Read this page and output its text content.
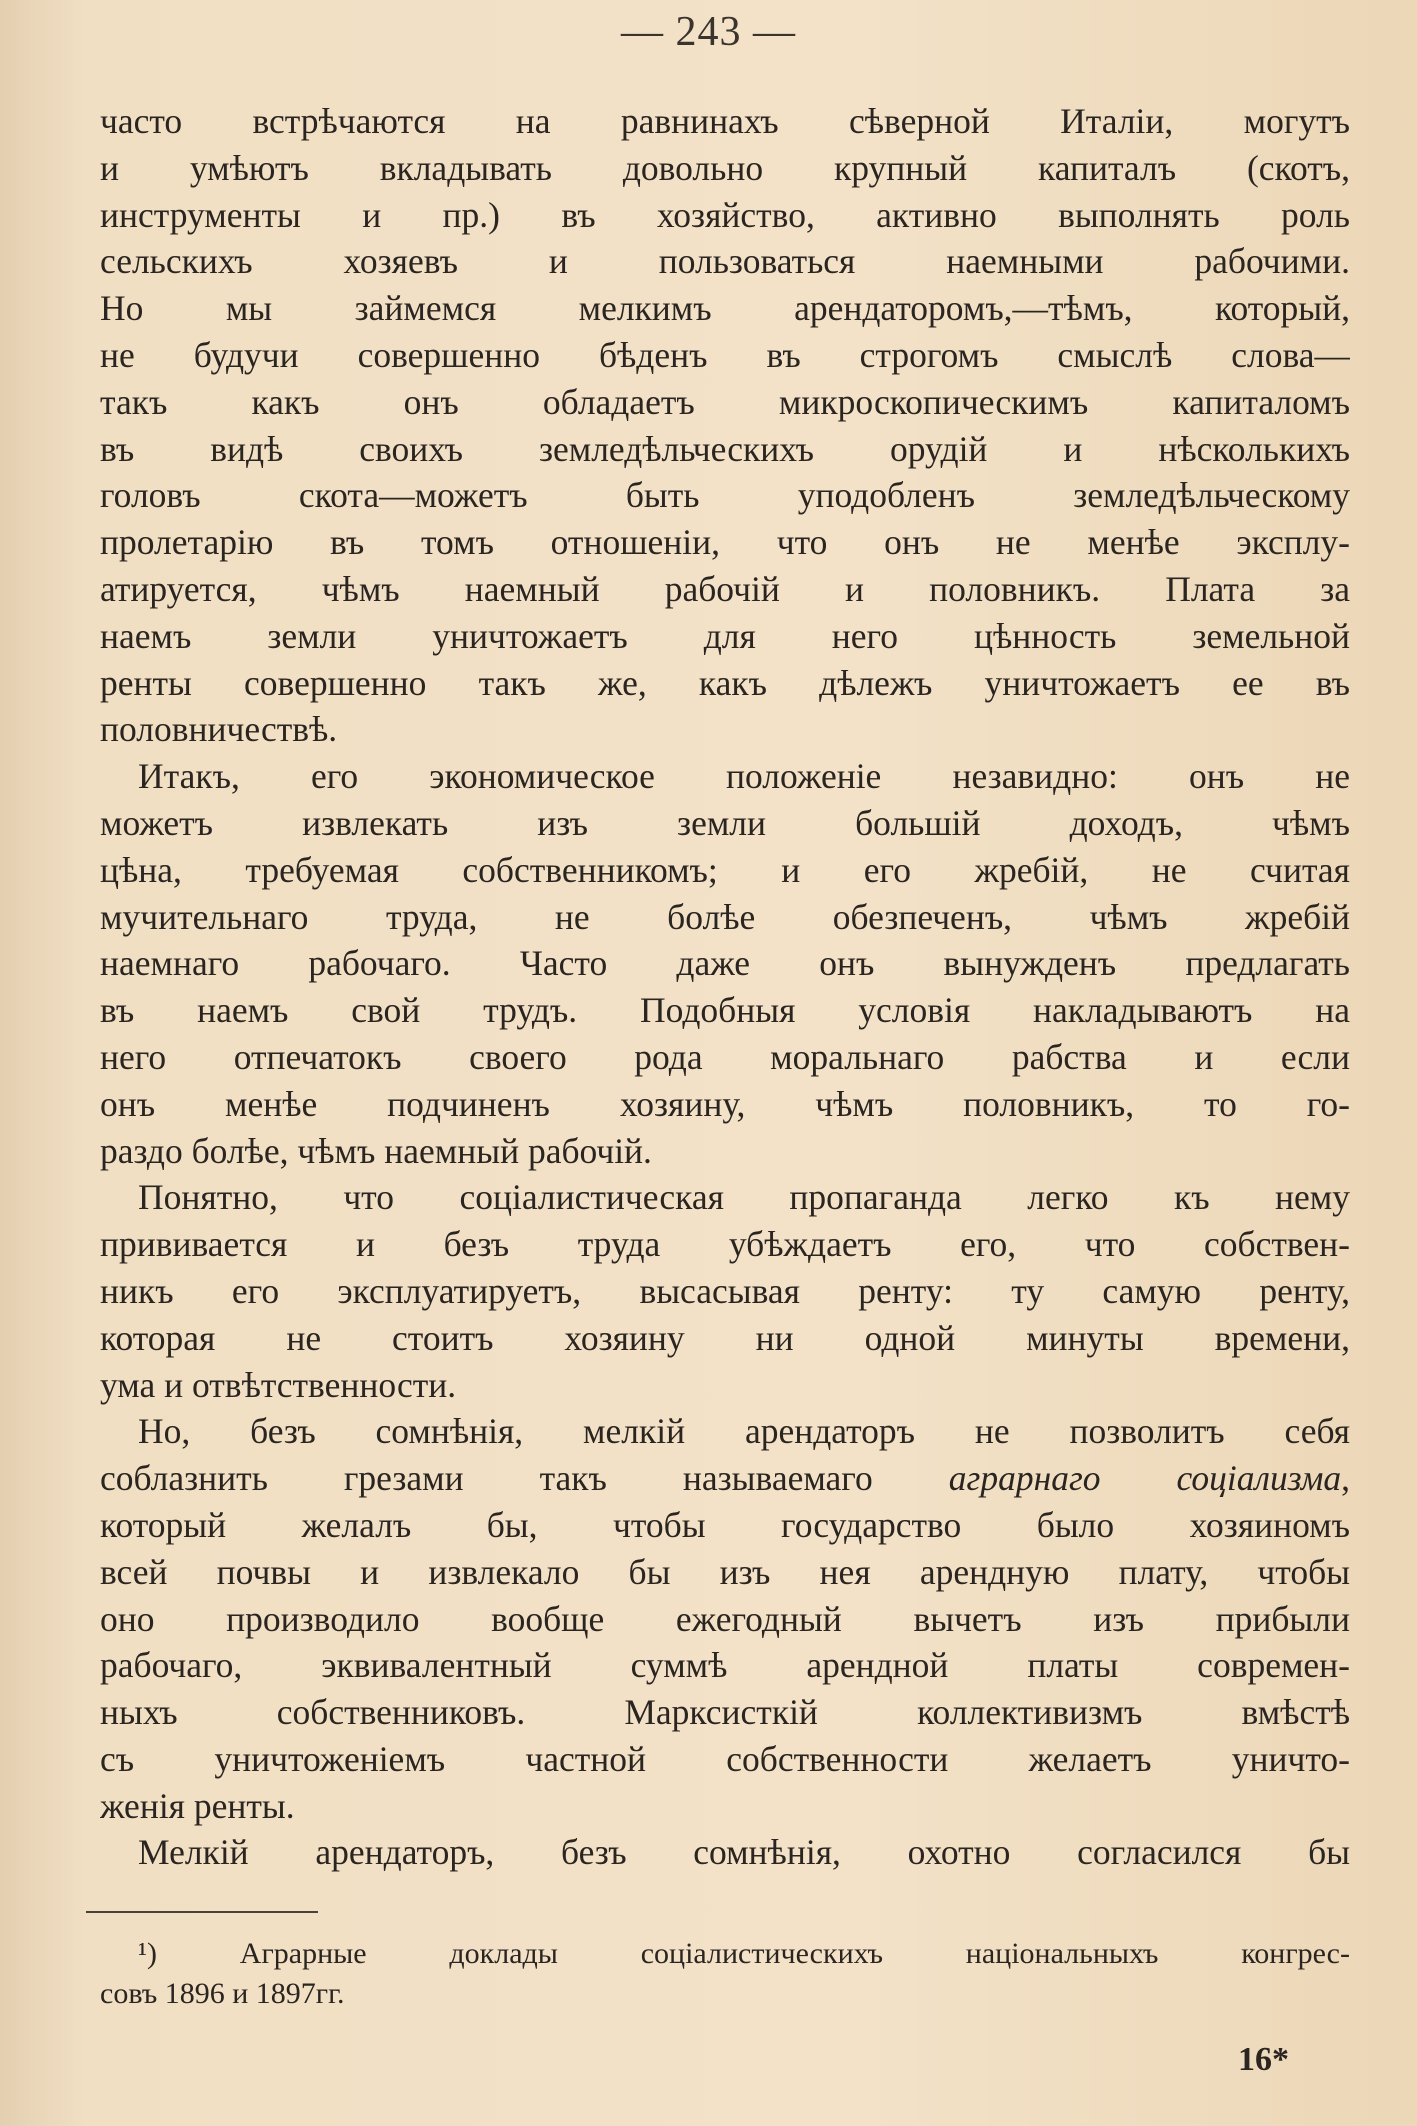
— 243 —
часто встрѣчаются на равнинахъ сѣверной Италіи, могутъ
и умѣютъ вкладывать довольно крупный капиталъ (скотъ,
инструменты и пр.) въ хозяйство, активно выполнять роль
сельскихъ хозяевъ и пользоваться наемными рабочими.
Но мы займемся мелкимъ арендаторомъ,—тѣмъ, который,
не будучи совершенно бѣденъ въ строгомъ смыслѣ слова—
такъ какъ онъ обладаетъ микроскопическимъ капиталомъ
въ видѣ своихъ земледѣльческихъ орудій и нѣсколькихъ
головъ скота—можетъ быть уподобленъ земледѣльческому
пролетарію въ томъ отношеніи, что онъ не менѣе эксплу-
атируется, чѣмъ наемный рабочій и половникъ. Плата за
наемъ земли уничтожаетъ для него цѣнность земельной
ренты совершенно такъ же, какъ дѣлежъ уничтожаетъ ее въ
половничествѣ.
Итакъ, его экономическое положеніе незавидно: онъ не
можетъ извлекать изъ земли большій доходъ, чѣмъ
цѣна, требуемая собственникомъ; и его жребій, не считая
мучительнаго труда, не болѣе обезпеченъ, чѣмъ жребій
наемнаго рабочаго. Часто даже онъ вынужденъ предлагать
въ наемъ свой трудъ. Подобныя условія накладываютъ на
него отпечатокъ своего рода моральнаго рабства и если
онъ менѣе подчиненъ хозяину, чѣмъ половникъ, то го-
раздо болѣе, чѣмъ наемный рабочій.
Понятно, что соціалистическая пропаганда легко къ нему
прививается и безъ труда убѣждаетъ его, что собствен-
никъ его эксплуатируетъ, высасывая ренту: ту самую ренту,
которая не стоитъ хозяину ни одной минуты времени,
ума и отвѣтственности.
Но, безъ сомнѣнія, мелкій арендаторъ не позволитъ себя
соблазнить грезами такъ называемаго аграрнаго соціализма,
который желалъ бы, чтобы государство было хозяиномъ
всей почвы и извлекало бы изъ нея арендную плату, чтобы
оно производило вообще ежегодный вычетъ изъ прибыли
рабочаго, эквивалентный суммѣ арендной платы современ-
ныхъ собственниковъ. Марксисткій коллективизмъ вмѣстѣ
съ уничтоженіемъ частной собственности желаетъ уничто-
женія ренты.
Мелкій арендаторъ, безъ сомнѣнія, охотно согласился бы
¹) Аграрные доклады соціалистическихъ національныхъ конгрес-
совъ 1896 и 1897гг.
16*
